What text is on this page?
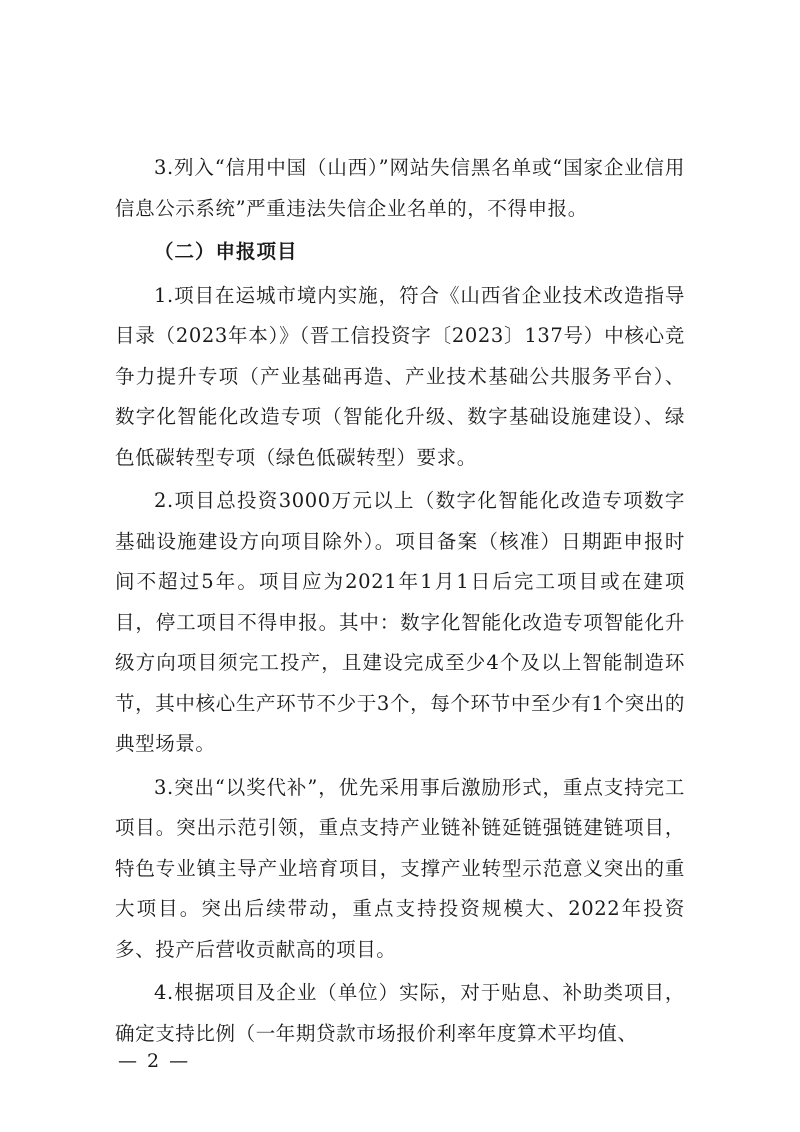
3.列入“信用中国（山西）”网站失信黑名单或“国家企业信用信息公示系统”严重违法失信企业名单的，不得申报。

（二）申报项目

1.项目在运城市境内实施，符合《山西省企业技术改造指导目录（2023年本）》（晋工信投资字〔2023〕137号）中核心竞争力提升专项（产业基础再造、产业技术基础公共服务平台）、数字化智能化改造专项（智能化升级、数字基础设施建设）、绿色低碳转型专项（绿色低碳转型）要求。

2.项目总投资3000万元以上（数字化智能化改造专项数字基础设施建设方向项目除外）。项目备案（核准）日期距申报时间不超过5年。项目应为2021年1月1日后完工项目或在建项目，停工项目不得申报。其中：数字化智能化改造专项智能化升级方向项目须完工投产，且建设完成至少4个及以上智能制造环节，其中核心生产环节不少于3个，每个环节中至少有1个突出的典型场景。

3.突出“以奖代补”，优先采用事后激励形式，重点支持完工项目。突出示范引领，重点支持产业链补链延链强链建链项目，特色专业镇主导产业培育项目，支撑产业转型示范意义突出的重大项目。突出后续带动，重点支持投资规模大、2022年投资多、投产后营收贡献高的项目。

4.根据项目及企业（单位）实际，对于贴息、补助类项目，确定支持比例（一年期贷款市场报价利率年度算术平均值、

— 2 —
